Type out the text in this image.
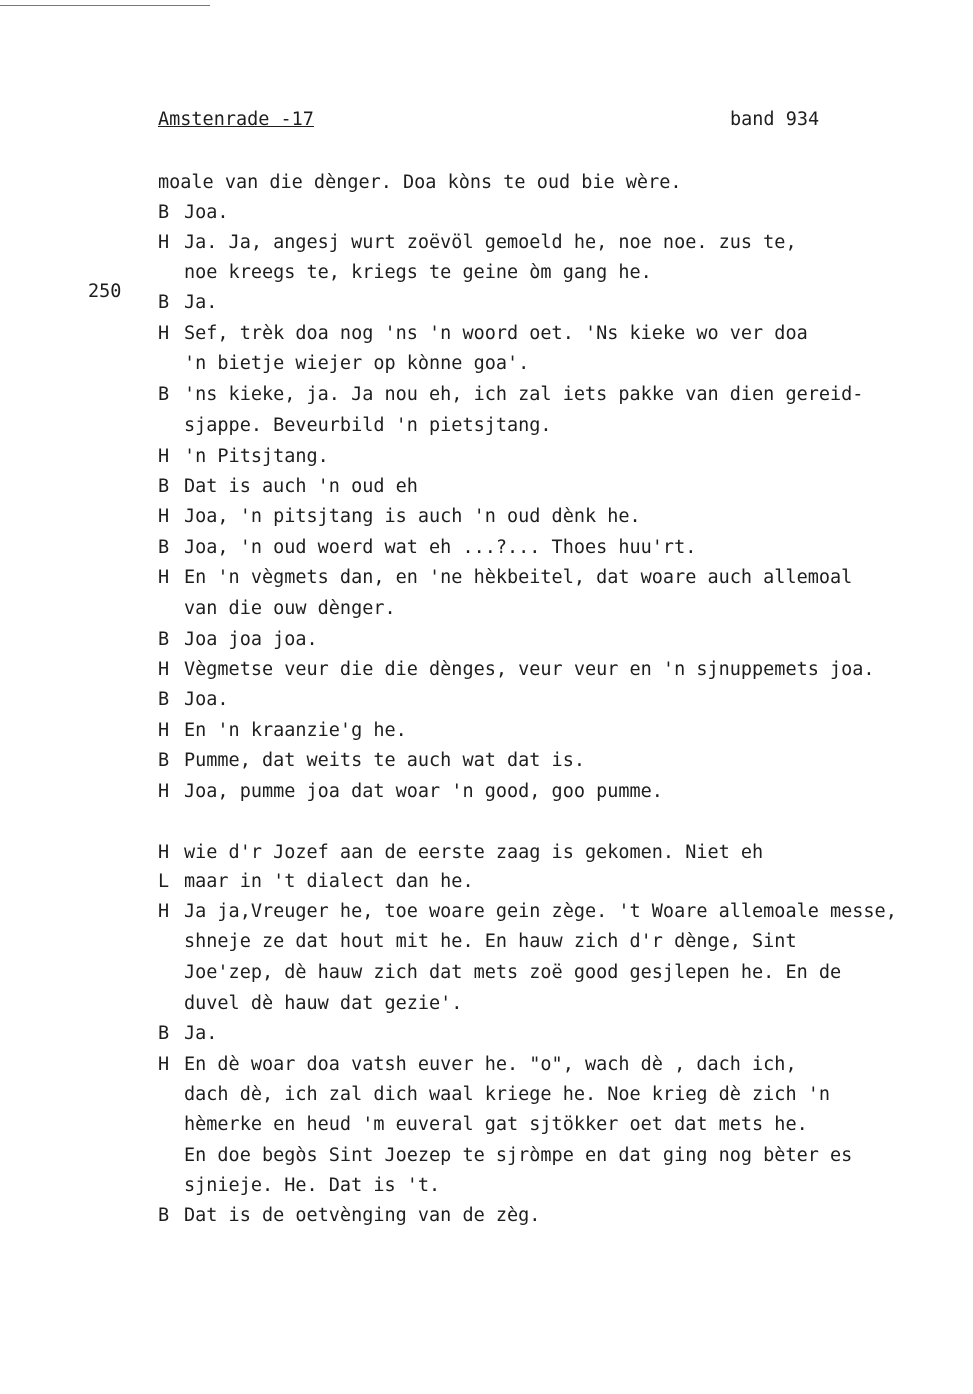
Amstenrade -17	band 934

250

moale van die dènger. Doa kòns te oud bie wère.
B Joa.
H Ja. Ja, angesj wurt zoëvöl gemoeld he, noe noe. zus te,
noe kreegs te, kriegs te geine òm gang he.
B Ja.
H Sef, trèk doa nog 'ns 'n woord oet. 'Ns kieke wo ver doa
'n bietje wiejer op kònne goa'.
B 'ns kieke, ja. Ja nou eh, ich zal iets pakke van dien gereid-
sjappe. Beveurbild 'n pietsjtang.
H 'n Pitsjtang.
B Dat is auch 'n oud eh
H Joa, 'n pitsjtang is auch 'n oud dènk he.
B Joa, 'n oud woerd wat eh ...?... Thoes huu'rt.
H En 'n vègmets dan, en 'ne hèkbeitel, dat woare auch allemoal
van die ouw dènger.
B Joa joa joa.
H Vègmetse veur die die dènges, veur veur en 'n sjnuppemets joa.
B Joa.
H En 'n kraanzie'g he.
B Pumme, dat weits te auch wat dat is.
H Joa, pumme joa dat woar 'n good, goo pumme.
H wie d'r Jozef aan de eerste zaag is gekomen. Niet eh
L maar in 't dialect dan he.
H Ja ja,Vreuger he, toe woare gein zège. 't Woare allemoale messe,
shneje ze dat hout mit he. En hauw zich d'r dènge, Sint
Joe'zep, dè hauw zich dat mets zoë good gesjlepen he. En de
duvel dè hauw dat gezie'.
B Ja.
H En dè woar doa vatsh euver he. "o", wach dè , dach ich,
dach dè, ich zal dich waal kriege he. Noe krieg dè zich 'n
hèmerke en heud 'm euveral gat sjtökker oet dat mets he.
En doe begòs Sint Joezep te sjròmpe en dat ging nog bèter es
sjnieje. He. Dat is 't.
B Dat is de oetvènging van de zèg.
